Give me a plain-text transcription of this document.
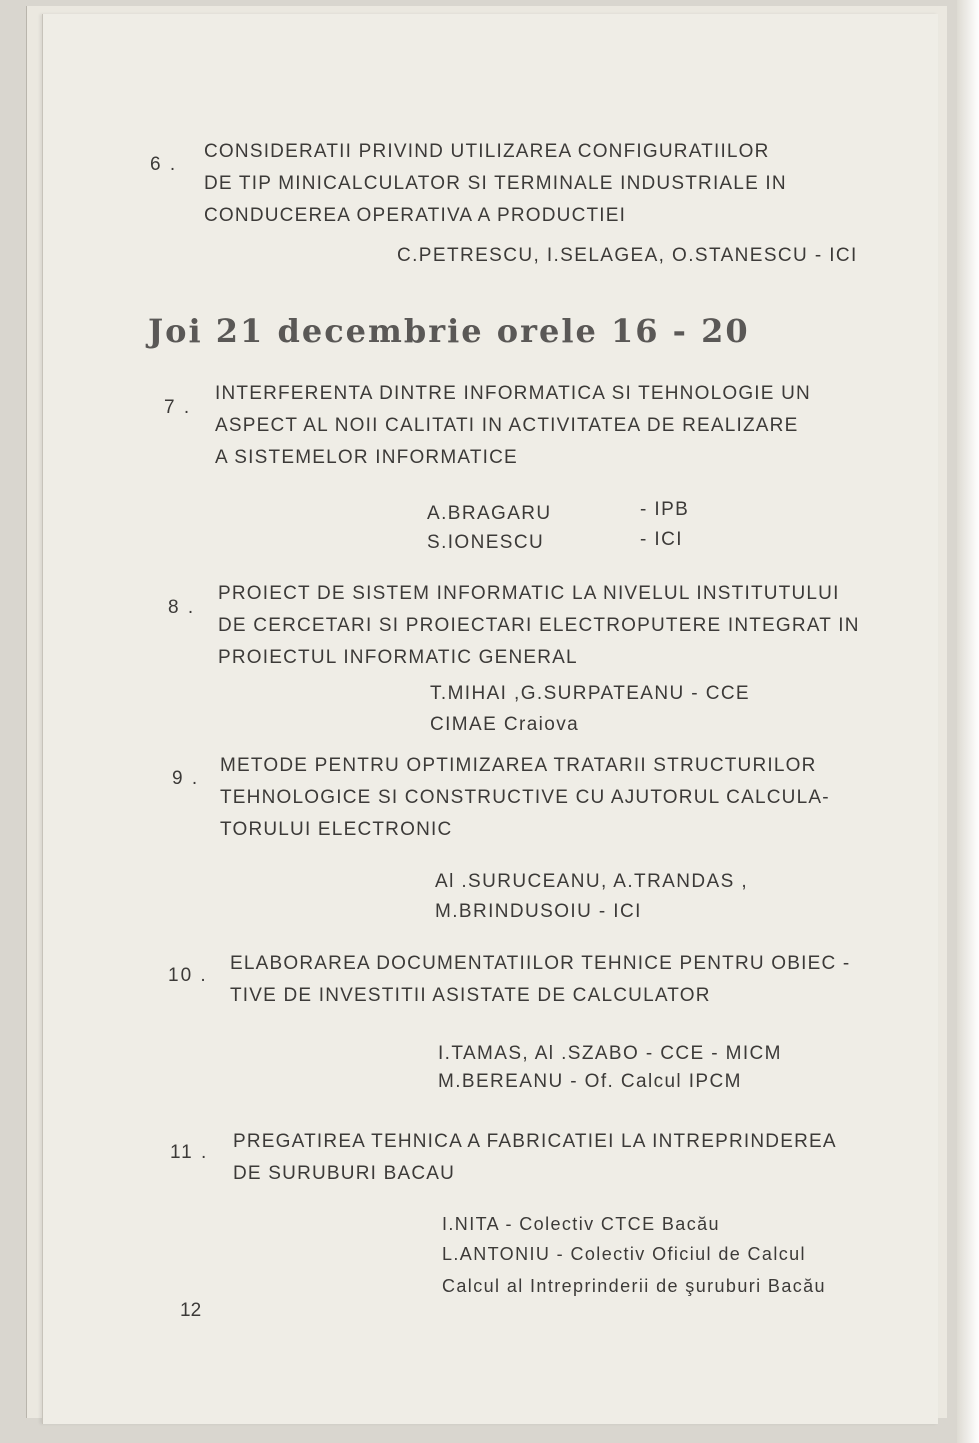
6 .
CONSIDERATII PRIVIND UTILIZAREA CONFIGURATIILOR
DE TIP MINICALCULATOR SI TERMINALE INDUSTRIALE IN
CONDUCEREA OPERATIVA A PRODUCTIEI
C.PETRESCU, I.SELAGEA, O.STANESCU - ICI
Joi 21 decembrie orele 16 - 20
7 .
INTERFERENTA DINTRE INFORMATICA SI TEHNOLOGIE UN
ASPECT AL NOII CALITATI IN ACTIVITATEA DE REALIZARE
A SISTEMELOR INFORMATICE
A.BRAGARU	- IPB
S.IONESCU	- ICI
8 .
PROIECT DE SISTEM INFORMATIC LA NIVELUL INSTITUTULUI
DE CERCETARI SI PROIECTARI ELECTROPUTERE INTEGRAT IN
PROIECTUL INFORMATIC GENERAL
T.MIHAI ,G.SURPATEANU - CCE
CIMAE Craiova
9 .
METODE PENTRU OPTIMIZAREA TRATARII STRUCTURILOR
TEHNOLOGICE SI CONSTRUCTIVE CU AJUTORUL CALCULA-
TORULUI ELECTRONIC
Al .SURUCEANU, A.TRANDAS ,
M.BRINDUSOIU - ICI
10 .
ELABORAREA DOCUMENTATIILOR TEHNICE PENTRU OBIEC -
TIVE DE INVESTITII ASISTATE DE CALCULATOR
I.TAMAS, Al .SZABO - CCE - MICM
M.BEREANU - Of. Calcul IPCM
11 .
PREGATIREA TEHNICA A FABRICATIEI LA INTREPRINDEREA
DE SURUBURI BACAU
I.NITA - Colectiv CTCE Bacău
L.ANTONIU - Colectiv Oficiul de Calcul
Calcul al Intreprinderii de şuruburi Bacău
12
